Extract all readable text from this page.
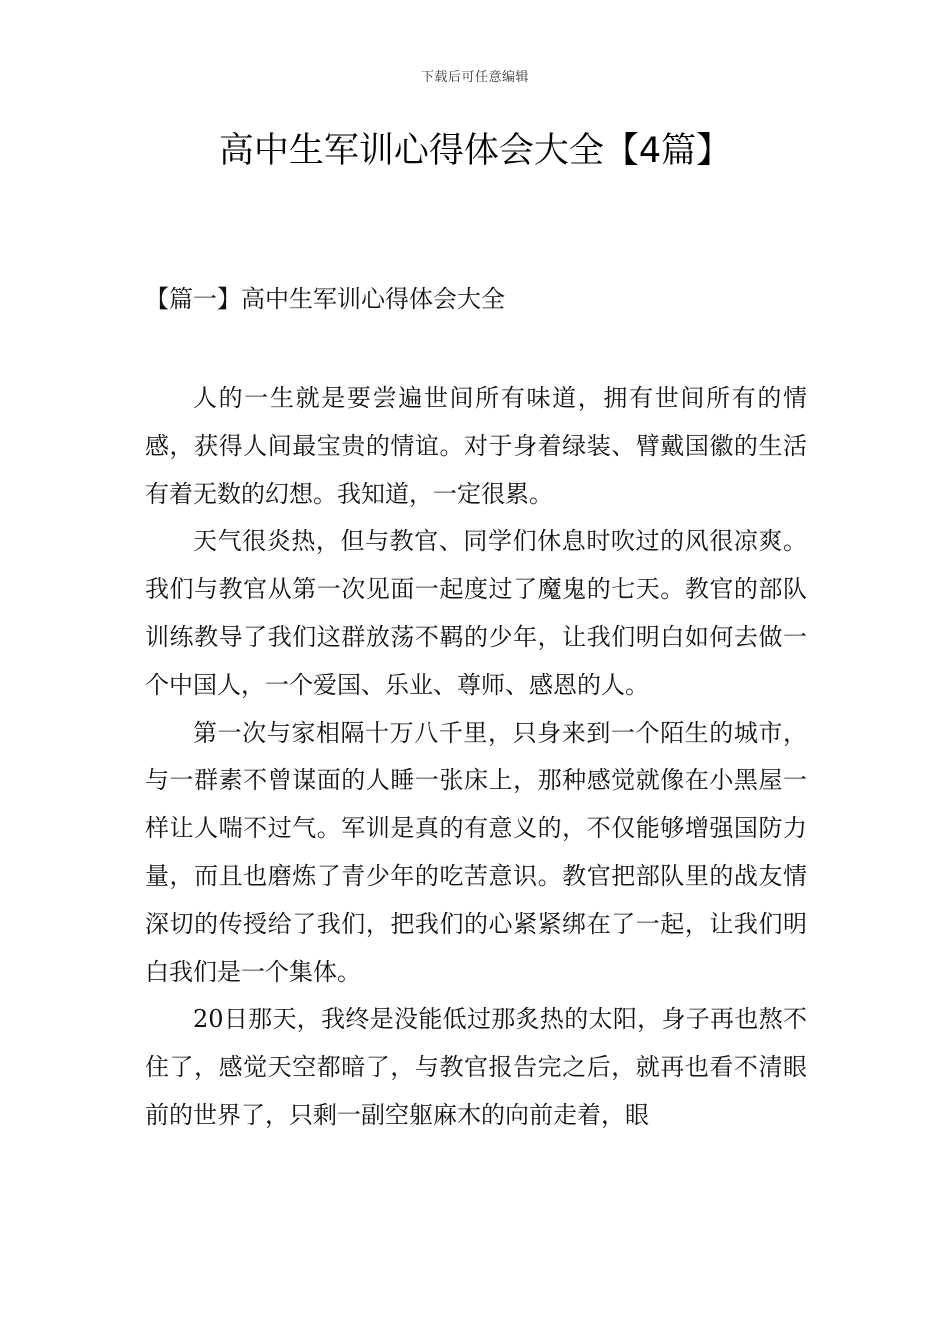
下载后可任意编辑
高中生军训心得体会大全【4篇】
【篇一】高中生军训心得体会大全

人的一生就是要尝遍世间所有味道，拥有世间所有的情感，获得人间最宝贵的情谊。对于身着绿装、臂戴国徽的生活有着无数的幻想。我知道，一定很累。

天气很炎热，但与教官、同学们休息时吹过的风很凉爽。我们与教官从第一次见面一起度过了魔鬼的七天。教官的部队训练教导了我们这群放荡不羁的少年，让我们明白如何去做一个中国人，一个爱国、乐业、尊师、感恩的人。

第一次与家相隔十万八千里，只身来到一个陌生的城市，与一群素不曾谋面的人睡一张床上，那种感觉就像在小黑屋一样让人喘不过气。军训是真的有意义的，不仅能够增强国防力量，而且也磨炼了青少年的吃苦意识。教官把部队里的战友情深切的传授给了我们，把我们的心紧紧绑在了一起，让我们明白我们是一个集体。

20日那天，我终是没能低过那炙热的太阳，身子再也熬不住了，感觉天空都暗了，与教官报告完之后，就再也看不清眼前的世界了，只剩一副空躯麻木的向前走着，眼
